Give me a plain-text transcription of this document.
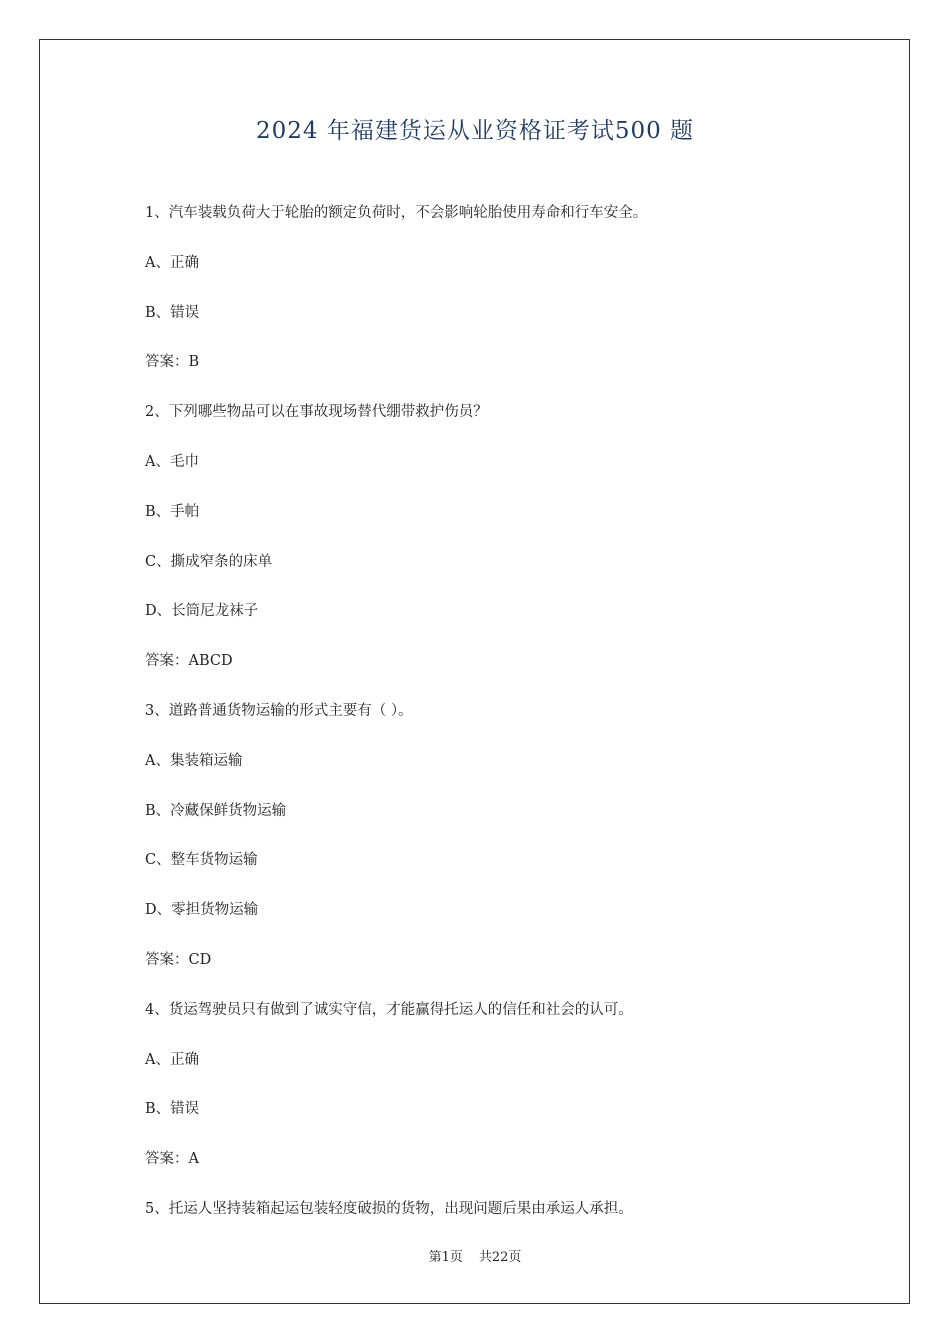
2024 年福建货运从业资格证考试500 题
1、汽车装载负荷大于轮胎的额定负荷时，不会影响轮胎使用寿命和行车安全。
A、正确
B、错误
答案：B
2、下列哪些物品可以在事故现场替代绷带救护伤员？
A、毛巾
B、手帕
C、撕成窄条的床单
D、长筒尼龙袜子
答案：ABCD
3、道路普通货物运输的形式主要有（ ）。
A、集装箱运输
B、冷藏保鲜货物运输
C、整车货物运输
D、零担货物运输
答案：CD
4、货运驾驶员只有做到了诚实守信，才能赢得托运人的信任和社会的认可。
A、正确
B、错误
答案：A
5、托运人坚持装箱起运包装轻度破损的货物，出现问题后果由承运人承担。
第1页 共22页
